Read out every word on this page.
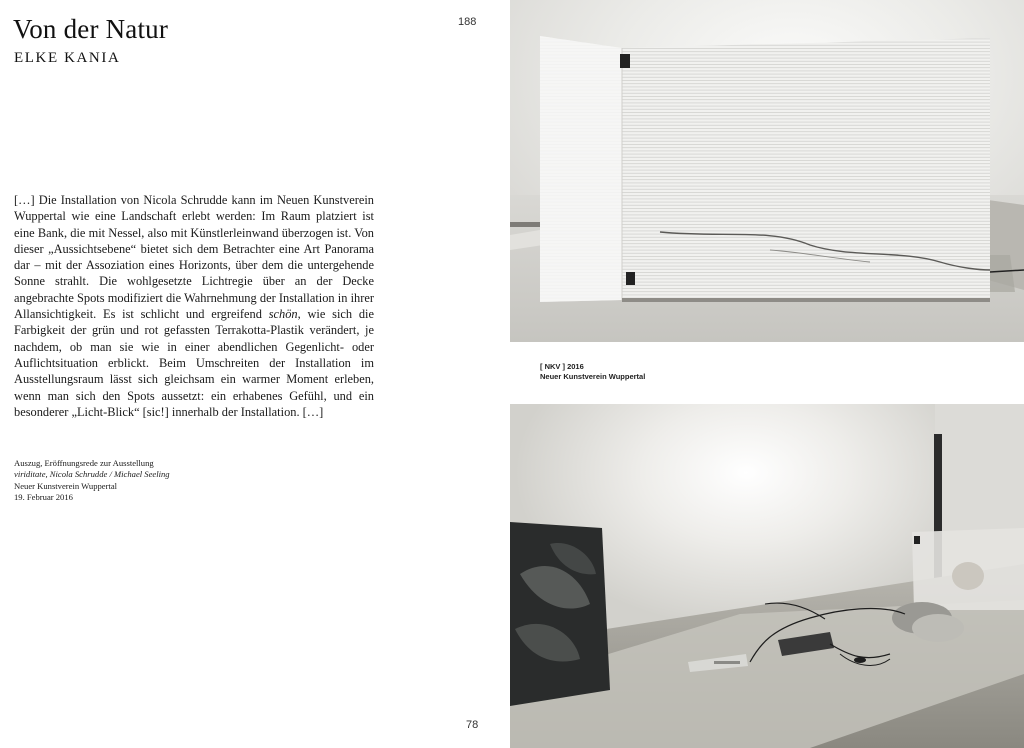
Von der Natur
ELKE KANIA
188
[…] Die Installation von Nicola Schrudde kann im Neuen Kunstverein Wuppertal wie eine Landschaft erlebt werden: Im Raum platziert ist eine Bank, die mit Nessel, also mit Künstlerleinwand überzogen ist. Von dieser „Aussichtsebene“ bietet sich dem Betrachter eine Art Panorama dar – mit der Assoziation eines Horizonts, über dem die untergehende Sonne strahlt. Die wohlgesetzte Lichtregie über an der Decke angebrachte Spots modifiziert die Wahrnehmung der Installation in ihrer Allansichtigkeit. Es ist schlicht und ergreifend schön, wie sich die Farbigkeit der grün und rot gefassten Terrakotta-Plastik verändert, je nachdem, ob man sie wie in einer abendlichen Gegenlicht- oder Auflichtsituation erblickt. Beim Umschreiten der Installation im Ausstellungsraum lässt sich gleichsam ein warmer Moment erleben, wenn man sich den Spots aussetzt: ein erhabenes Gefühl, und ein besonderer „Licht-Blick“ [sic!] innerhalb der Installation. […]
Auszug, Eröffnungsrede zur Ausstellung
viriditate, Nicola Schrudde / Michael Seeling
Neuer Kunstverein Wuppertal
19. Februar 2016
78
[ NKV ] 2016
Neuer Kunstverein Wuppertal
